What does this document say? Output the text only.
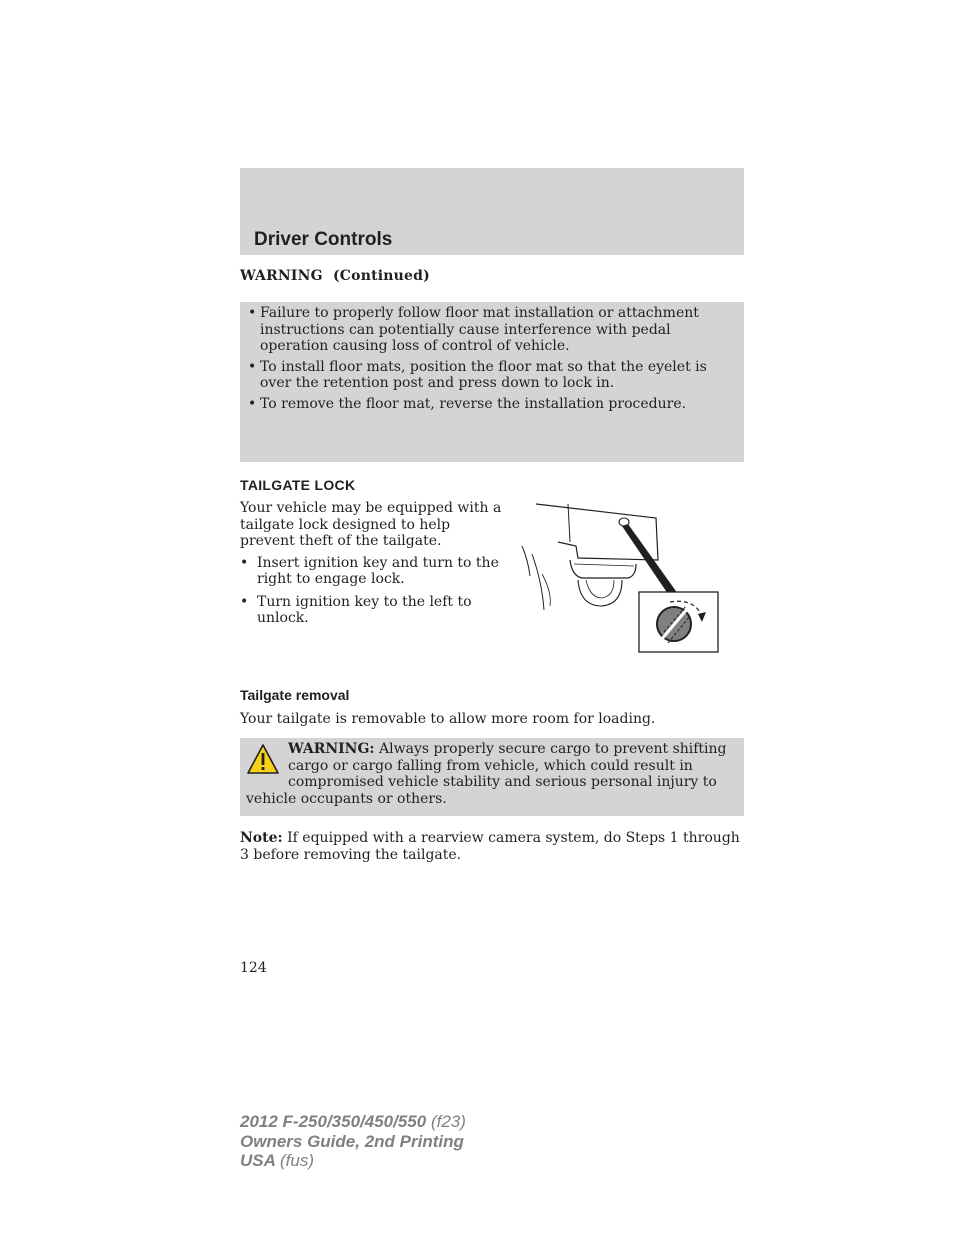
Driver Controls
WARNING (Continued)
• Failure to properly follow floor mat installation or attachment instructions can potentially cause interference with pedal operation causing loss of control of vehicle.
• To install floor mats, position the floor mat so that the eyelet is over the retention post and press down to lock in.
• To remove the floor mat, reverse the installation procedure.
TAILGATE LOCK

Your vehicle may be equipped with a tailgate lock designed to help prevent theft of the tailgate.

• Insert ignition key and turn to the right to engage lock.
• Turn ignition key to the left to unlock.
Tailgate removal
Your tailgate is removable to allow more room for loading.
WARNING: Always properly secure cargo to prevent shifting cargo or cargo falling from vehicle, which could result in compromised vehicle stability and serious personal injury to vehicle occupants or others.
Note: If equipped with a rearview camera system, do Steps 1 through 3 before removing the tailgate.
124
2012 F-250/350/450/550 (f23)
Owners Guide, 2nd Printing
USA (fus)
